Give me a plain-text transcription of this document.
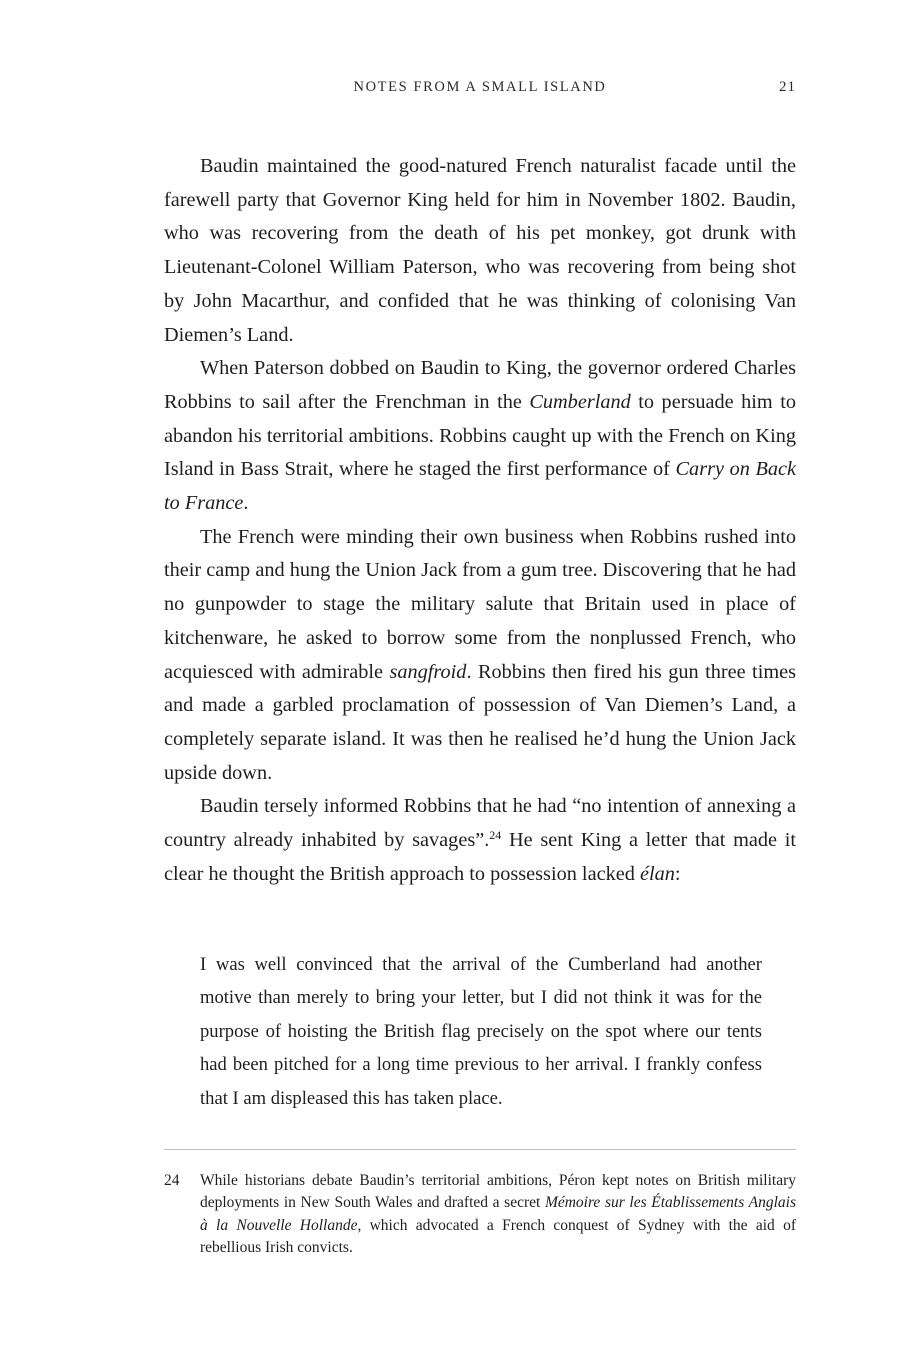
NOTES FROM A SMALL ISLAND	21

Baudin maintained the good-natured French naturalist facade until the farewell party that Governor King held for him in November 1802. Baudin, who was recovering from the death of his pet monkey, got drunk with Lieutenant-Colonel William Paterson, who was recovering from being shot by John Macarthur, and confided that he was thinking of colonising Van Diemen’s Land.

When Paterson dobbed on Baudin to King, the governor ordered Charles Robbins to sail after the Frenchman in the Cumberland to persuade him to abandon his territorial ambitions. Robbins caught up with the French on King Island in Bass Strait, where he staged the first performance of Carry on Back to France.

The French were minding their own business when Robbins rushed into their camp and hung the Union Jack from a gum tree. Discovering that he had no gunpowder to stage the military salute that Britain used in place of kitchenware, he asked to borrow some from the nonplussed French, who acquiesced with admirable sangfroid. Robbins then fired his gun three times and made a garbled proclamation of possession of Van Diemen’s Land, a completely separate island. It was then he realised he’d hung the Union Jack upside down.

Baudin tersely informed Robbins that he had “no intention of annexing a country already inhabited by savages”.$^{24}$ He sent King a letter that made it clear he thought the British approach to possession lacked élan:

I was well convinced that the arrival of the Cumberland had another motive than merely to bring your letter, but I did not think it was for the purpose of hoisting the British flag precisely on the spot where our tents had been pitched for a long time previous to her arrival. I frankly confess that I am displeased this has taken place.

24 While historians debate Baudin’s territorial ambitions, Péron kept notes on British military deployments in New South Wales and drafted a secret Mémoire sur les Établissements Anglais à la Nouvelle Hollande, which advocated a French conquest of Sydney with the aid of rebellious Irish convicts.
